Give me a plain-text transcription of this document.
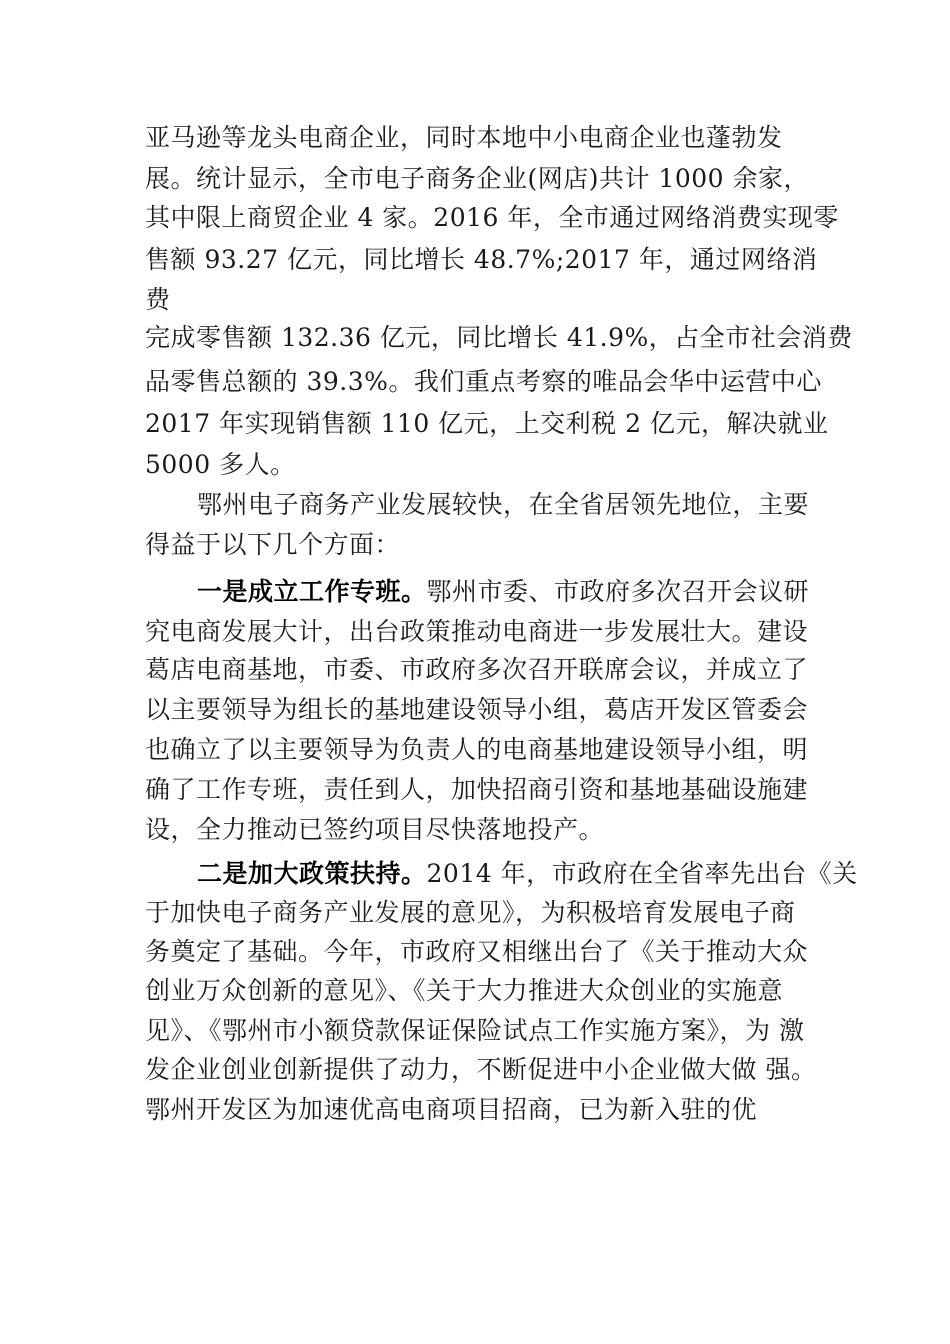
亚马逊等龙头电商企业，同时本地中小电商企业也蓬勃发
展。统计显示，全市电子商务企业(网店)共计 1000 余家，
其中限上商贸企业 4 家。2016 年，全市通过网络消费实现零
售额 93.27 亿元，同比增长 48.7%;2017 年，通过网络消
费
完成零售额 132.36 亿元，同比增长 41.9%，占全市社会消费
品零售总额的 39.3%。我们重点考察的唯品会华中运营中心
2017 年实现销售额 110 亿元，上交利税 2 亿元，解决就业
5000 多人。
鄂州电子商务产业发展较快，在全省居领先地位，主要
得益于以下几个方面：
一是成立工作专班。鄂州市委、市政府多次召开会议研
究电商发展大计，出台政策推动电商进一步发展壮大。建设
葛店电商基地，市委、市政府多次召开联席会议，并成立了
以主要领导为组长的基地建设领导小组，葛店开发区管委会
也确立了以主要领导为负责人的电商基地建设领导小组，明
确了工作专班，责任到人，加快招商引资和基地基础设施建
设，全力推动已签约项目尽快落地投产。
二是加大政策扶持。2014 年，市政府在全省率先出台《关
于加快电子商务产业发展的意见》，为积极培育发展电子商
务奠定了基础。今年，市政府又相继出台了《关于推动大众
创业万众创新的意见》、《关于大力推进大众创业的实施意
见》、《鄂州市小额贷款保证保险试点工作实施方案》，为 激
发企业创业创新提供了动力，不断促进中小企业做大做 强。
鄂州开发区为加速优高电商项目招商，已为新入驻的优
